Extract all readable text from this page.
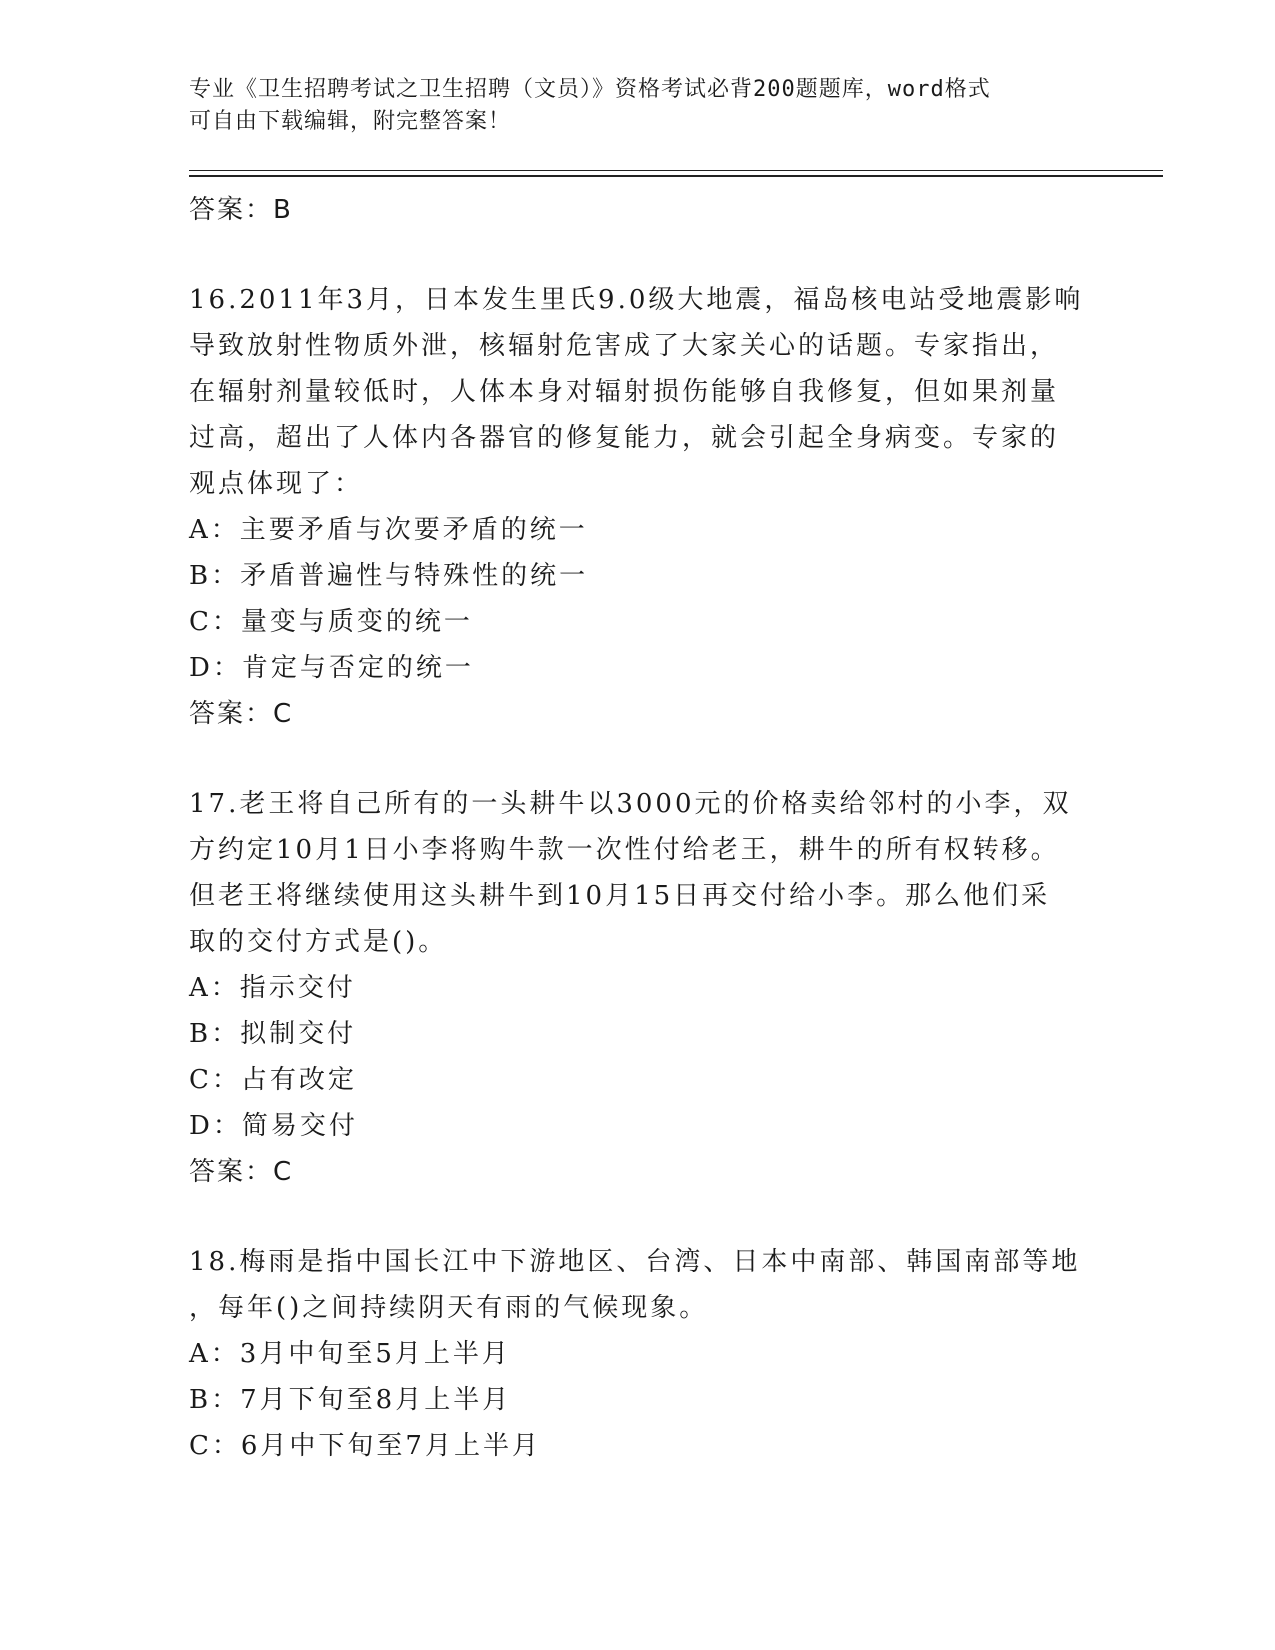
专业《卫生招聘考试之卫生招聘（文员）》资格考试必背200题题库，word格式
可自由下载编辑，附完整答案！
答案：B
16.2011年3月，日本发生里氏9.0级大地震，福岛核电站受地震影响
导致放射性物质外泄，核辐射危害成了大家关心的话题。专家指出，
在辐射剂量较低时，人体本身对辐射损伤能够自我修复，但如果剂量
过高，超出了人体内各器官的修复能力，就会引起全身病变。专家的
观点体现了：
A：主要矛盾与次要矛盾的统一
B：矛盾普遍性与特殊性的统一
C：量变与质变的统一
D：肯定与否定的统一
答案：C
17.老王将自己所有的一头耕牛以3000元的价格卖给邻村的小李，双
方约定10月1日小李将购牛款一次性付给老王，耕牛的所有权转移。
但老王将继续使用这头耕牛到10月15日再交付给小李。那么他们采
取的交付方式是()。
A：指示交付
B：拟制交付
C：占有改定
D：简易交付
答案：C
18.梅雨是指中国长江中下游地区、台湾、日本中南部、韩国南部等地
，每年()之间持续阴天有雨的气候现象。
A：3月中旬至5月上半月
B：7月下旬至8月上半月
C：6月中下旬至7月上半月
